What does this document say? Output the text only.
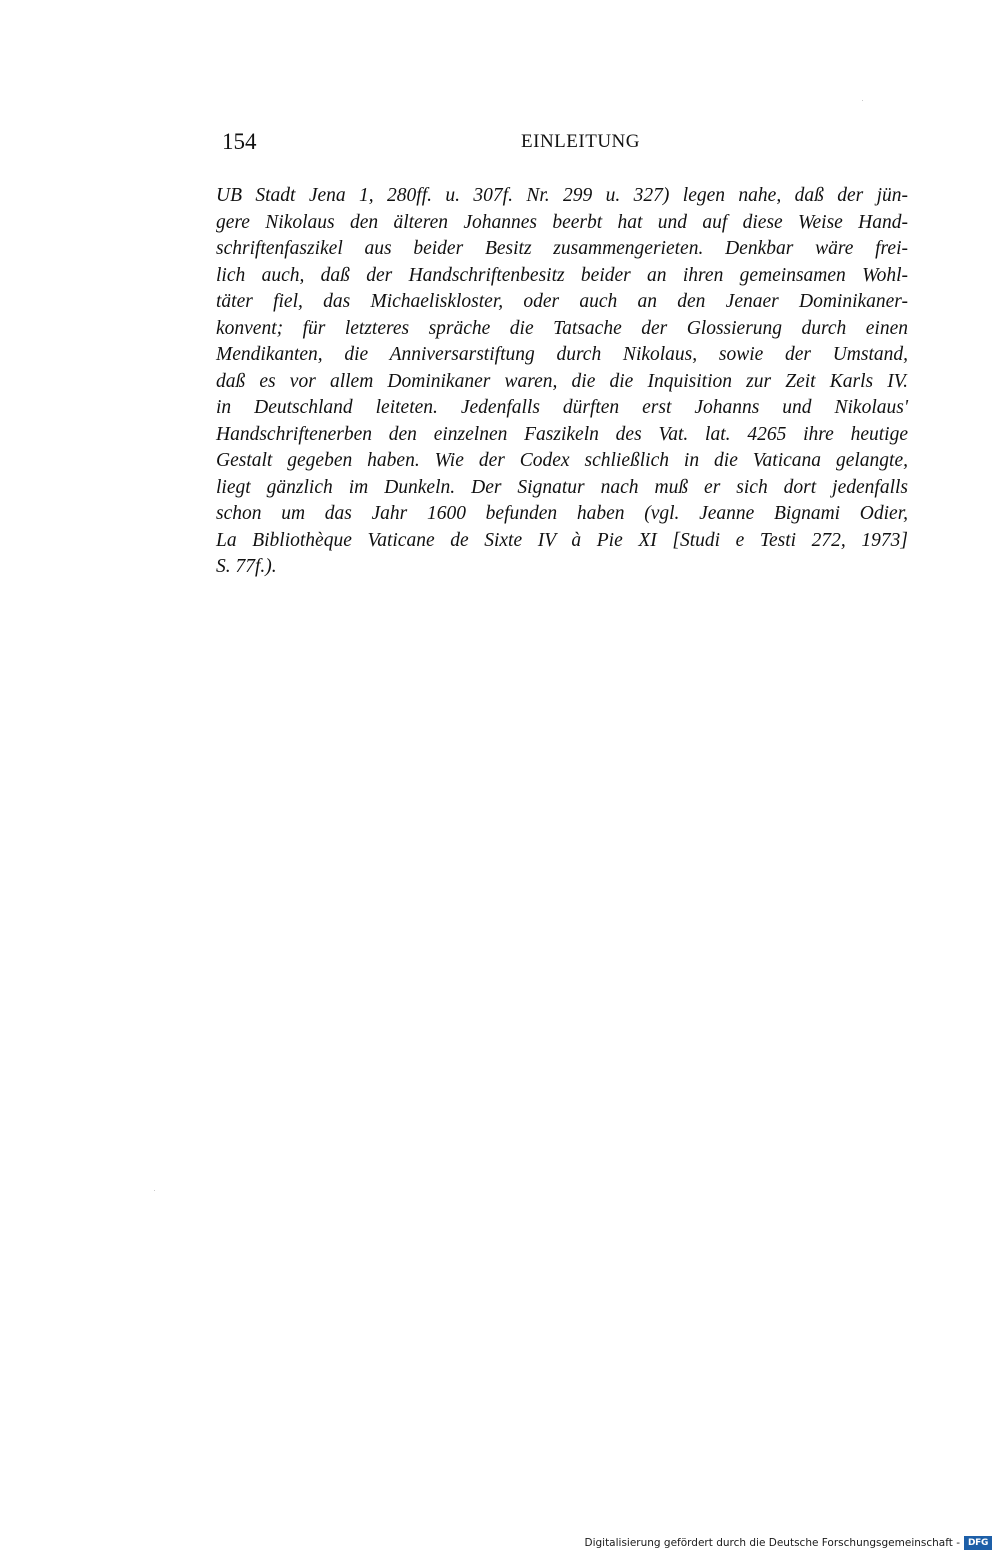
154	EINLEITUNG
UB Stadt Jena 1, 280ff. u. 307f. Nr. 299 u. 327) legen nahe, daß der jün-
gere Nikolaus den älteren Johannes beerbt hat und auf diese Weise Hand-
schriftenfaszikel aus beider Besitz zusammengerieten. Denkbar wäre frei-
lich auch, daß der Handschriftenbesitz beider an ihren gemeinsamen Wohl-
täter fiel, das Michaeliskloster, oder auch an den Jenaer Dominikaner-
konvent; für letzteres spräche die Tatsache der Glossierung durch einen
Mendikanten, die Anniversarstiftung durch Nikolaus, sowie der Umstand,
daß es vor allem Dominikaner waren, die die Inquisition zur Zeit Karls IV.
in Deutschland leiteten. Jedenfalls dürften erst Johanns und Nikolaus'
Handschriftenerben den einzelnen Faszikeln des Vat. lat. 4265 ihre heutige
Gestalt gegeben haben. Wie der Codex schließlich in die Vaticana gelangte,
liegt gänzlich im Dunkeln. Der Signatur nach muß er sich dort jedenfalls
schon um das Jahr 1600 befunden haben (vgl. Jeanne Bignami Odier,
La Bibliothèque Vaticane de Sixte IV à Pie XI [Studi e Testi 272, 1973]
S. 77f.).
Digitalisierung gefördert durch die Deutsche Forschungsgemeinschaft - DFG
